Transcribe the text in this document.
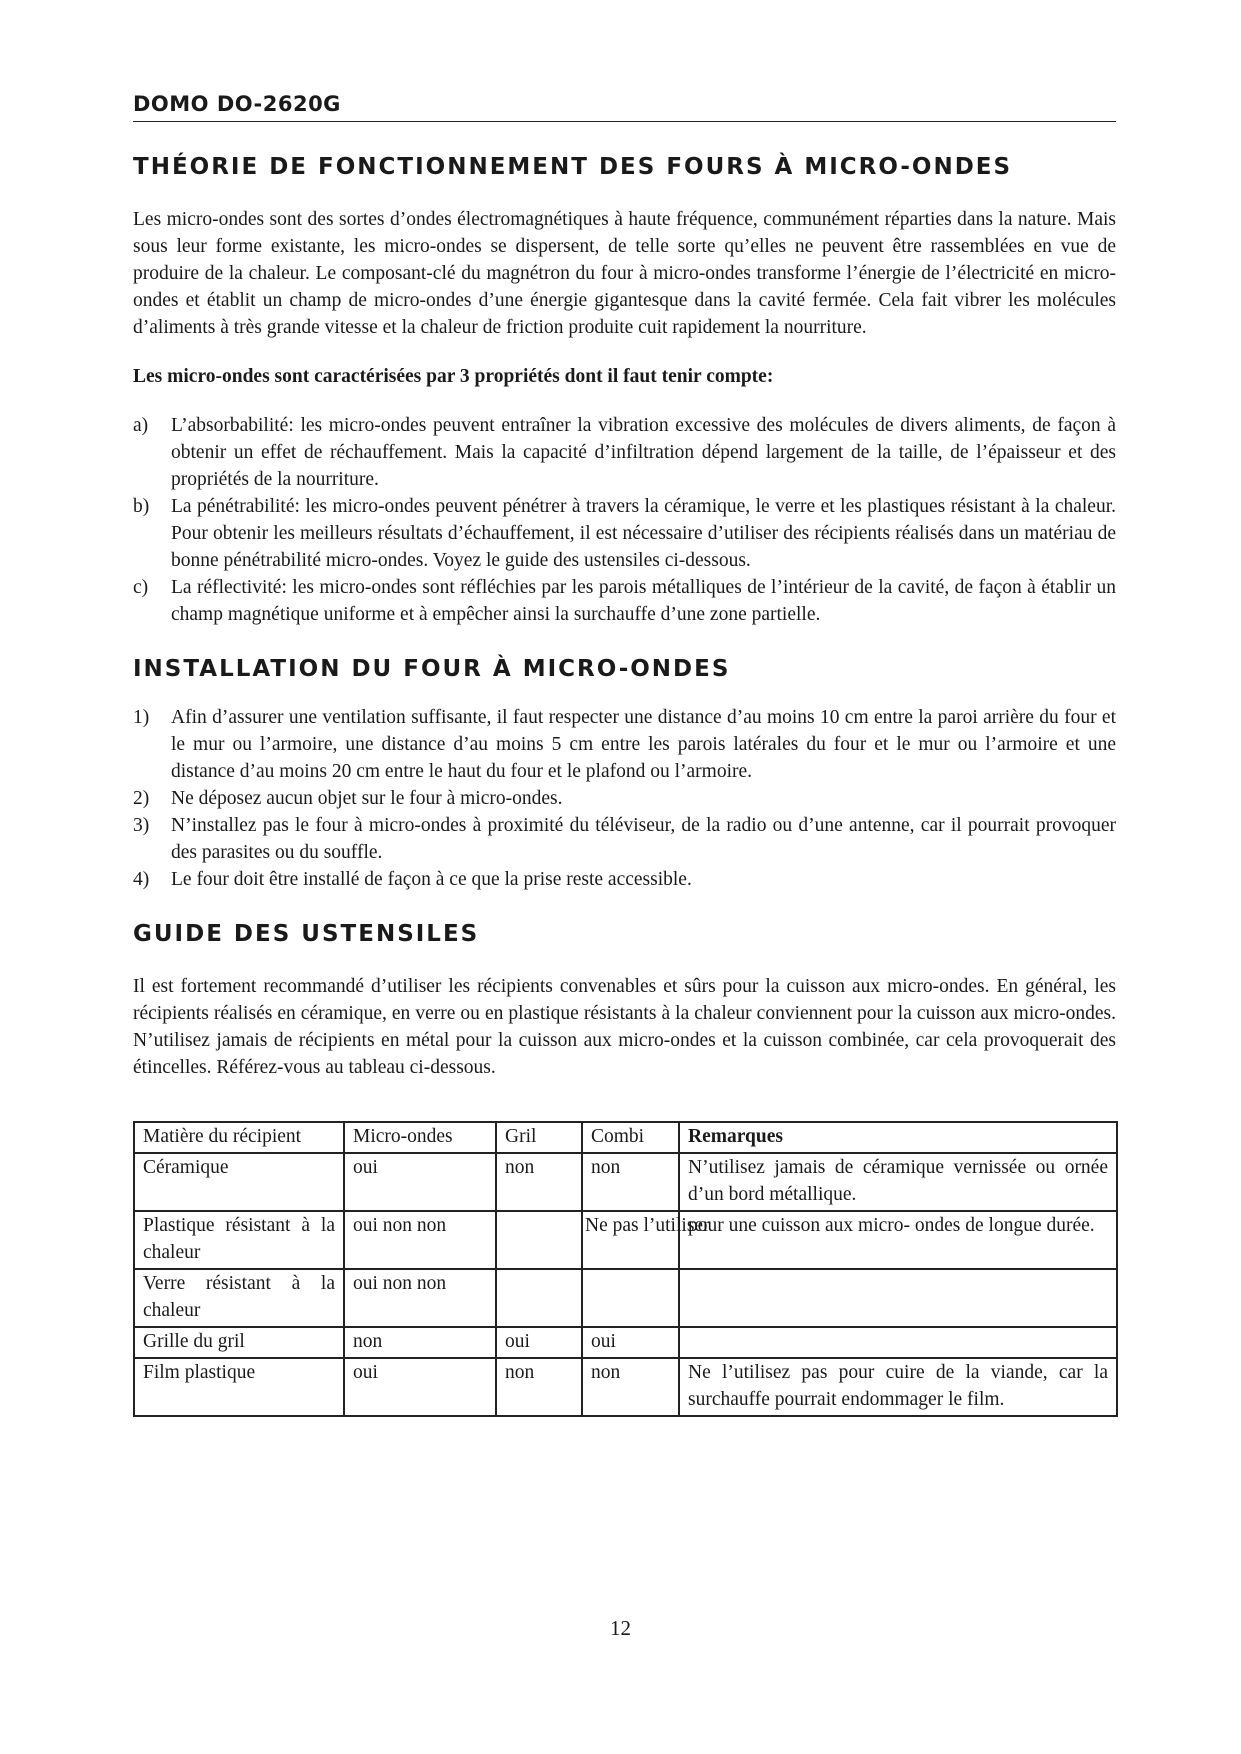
DOMO DO-2620G
THÉORIE DE FONCTIONNEMENT DES FOURS À MICRO-ONDES

Les micro-ondes sont des sortes d’ondes électromagnétiques à haute fréquence, communément réparties dans la nature. Mais sous leur forme existante, les micro-ondes se dispersent, de telle sorte qu’elles ne peuvent être rassemblées en vue de produire de la chaleur. Le composant-clé du magnétron du four à micro-ondes transforme l’énergie de l’électricité en micro-ondes et établit un champ de micro-ondes d’une énergie gigantesque dans la cavité fermée. Cela fait vibrer les molécules d’aliments à très grande vitesse et la chaleur de friction produite cuit rapidement la nourriture.

Les micro-ondes sont caractérisées par 3 propriétés dont il faut tenir compte:
a) L’absorbabilité: les micro-ondes peuvent entraîner la vibration excessive des molécules de divers aliments, de façon à obtenir un effet de réchauffement. Mais la capacité d’infiltration dépend largement de la taille, de l’épaisseur et des propriétés de la nourriture.
b) La pénétrabilité: les micro-ondes peuvent pénétrer à travers la céramique, le verre et les plastiques résistant à la chaleur. Pour obtenir les meilleurs résultats d’échauffement, il est nécessaire d’utiliser des récipients réalisés dans un matériau de bonne pénétrabilité micro-ondes. Voyez le guide des ustensiles ci-dessous.
c) La réflectivité: les micro-ondes sont réfléchies par les parois métalliques de l’intérieur de la cavité, de façon à établir un champ magnétique uniforme et à empêcher ainsi la surchauffe d’une zone partielle.
INSTALLATION DU FOUR À MICRO-ONDES
1) Afin d’assurer une ventilation suffisante, il faut respecter une distance d’au moins 10 cm entre la paroi arrière du four et le mur ou l’armoire, une distance d’au moins 5 cm entre les parois latérales du four et le mur ou l’armoire et une distance d’au moins 20 cm entre le haut du four et le plafond ou l’armoire.
2) Ne déposez aucun objet sur le four à micro-ondes.
3) N’installez pas le four à micro-ondes à proximité du téléviseur, de la radio ou d’une antenne, car il pourrait provoquer des parasites ou du souffle.
4) Le four doit être installé de façon à ce que la prise reste accessible.
GUIDE DES USTENSILES

Il est fortement recommandé d’utiliser les récipients convenables et sûrs pour la cuisson aux micro-ondes. En général, les récipients réalisés en céramique, en verre ou en plastique résistants à la chaleur conviennent pour la cuisson aux micro-ondes. N’utilisez jamais de récipients en métal pour la cuisson aux micro-ondes et la cuisson combinée, car cela provoquerait des étincelles. Référez-vous au tableau ci-dessous.

Matière du récipient	Micro-ondes	Gril	Combi	Remarques
Céramique	oui	non	non	N’utilisez jamais de céramique vernissée ou ornée d’un bord métallique.
Plastique résistant à la chaleur	oui non non		Ne pas l’utiliser	pour une cuisson aux micro- ondes de longue durée.
Verre résistant à la chaleur	oui non non			
Grille du gril	non	oui	oui	
Film plastique	oui	non	non	Ne l’utilisez pas pour cuire de la viande, car la surchauffe pourrait endommager le film.
12
